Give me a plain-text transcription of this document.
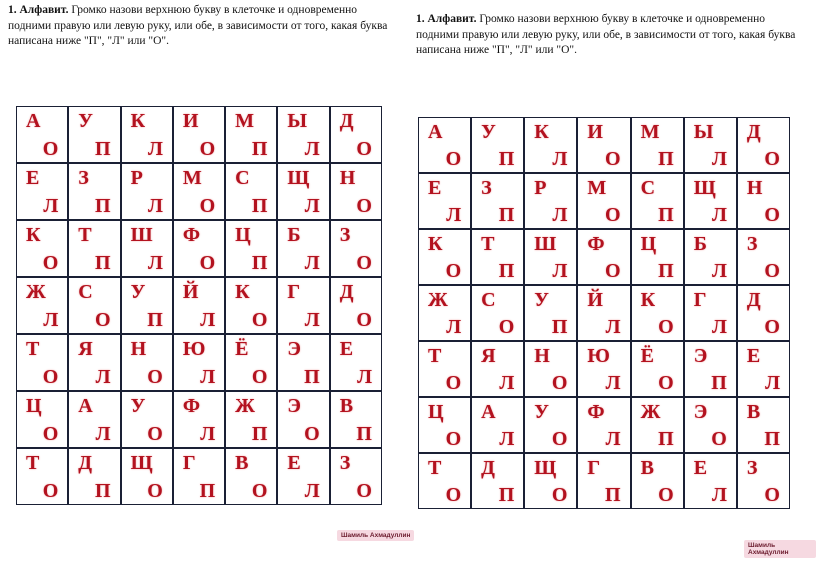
1. Алфавит. Громко назови верхнюю букву в клеточке и одновременно подними правую или левую руку, или обе, в зависимости от того, какая буква написана ниже "П", "Л" или "О".
А
О
У
П
К
Л
И
О
М
П
Ы
Л
Д
О
Е
Л
З
П
Р
Л
М
О
С
П
Щ
Л
Н
О
К
О
Т
П
Ш
Л
Ф
О
Ц
П
Б
Л
З
О
Ж
Л
С
О
У
П
Й
Л
К
О
Г
Л
Д
О
Т
О
Я
Л
Н
О
Ю
Л
Ё
О
Э
П
Е
Л
Ц
О
А
Л
У
О
Ф
Л
Ж
П
Э
О
В
П
Т
О
Д
П
Щ
О
Г
П
В
О
Е
Л
З
О
Шамиль Ахмадуллин
1. Алфавит. Громко назови верхнюю букву в клеточке и одновременно подними правую или левую руку, или обе, в зависимости от того, какая буква написана ниже "П", "Л" или "О".
А
О
У
П
К
Л
И
О
М
П
Ы
Л
Д
О
Е
Л
З
П
Р
Л
М
О
С
П
Щ
Л
Н
О
К
О
Т
П
Ш
Л
Ф
О
Ц
П
Б
Л
З
О
Ж
Л
С
О
У
П
Й
Л
К
О
Г
Л
Д
О
Т
О
Я
Л
Н
О
Ю
Л
Ё
О
Э
П
Е
Л
Ц
О
А
Л
У
О
Ф
Л
Ж
П
Э
О
В
П
Т
О
Д
П
Щ
О
Г
П
В
О
Е
Л
З
О
Шамиль Ахмадуллин
